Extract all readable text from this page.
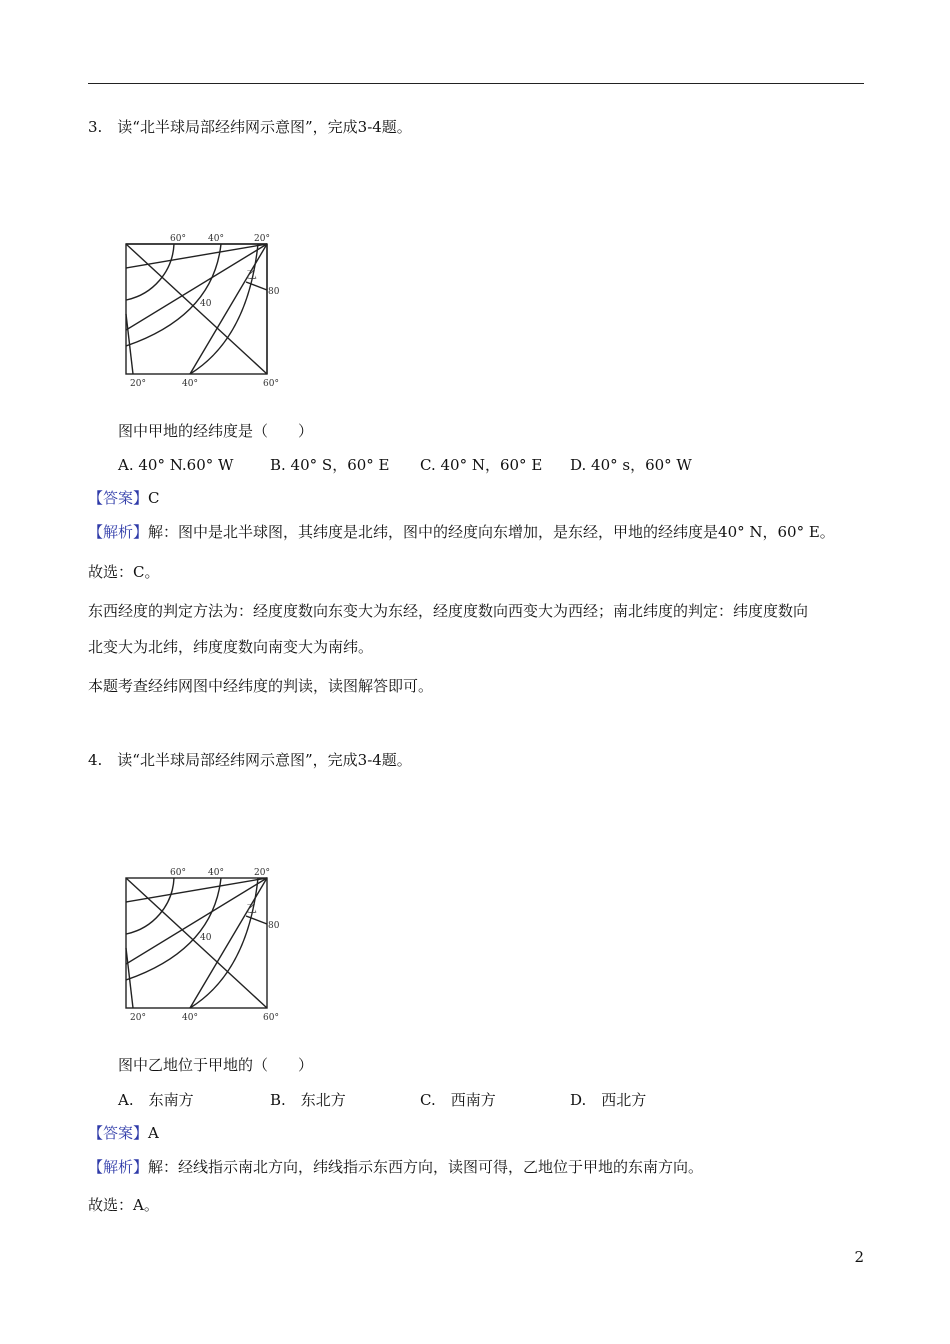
3.　读“北半球局部经纬网示意图”，完成3-4题。
60° 40°	20°
80
40
乙
20°	40°	60°
图中甲地的经纬度是（　　）
A. 40° N.60° W B. 40° S，60° E C. 40° N，60° E D. 40° s，60° W
【答案】C
【解析】解：图中是北半球图，其纬度是北纬，图中的经度向东增加，是东经，甲地的经纬度是40° N，60° E。
故选：C。
东西经度的判定方法为：经度度数向东变大为东经，经度度数向西变大为西经；南北纬度的判定：纬度度数向
北变大为北纬，纬度度数向南变大为南纬。
本题考查经纬网图中经纬度的判读，读图解答即可。
4.　读“北半球局部经纬网示意图”，完成3-4题。
60° 40°	20°
80
40
乙
20°	40°	60°
图中乙地位于甲地的（　　）
A.　东南方	B.　东北方	C.　西南方	D.　西北方
【答案】A
【解析】解：经线指示南北方向，纬线指示东西方向，读图可得，乙地位于甲地的东南方向。
故选：A。
2
